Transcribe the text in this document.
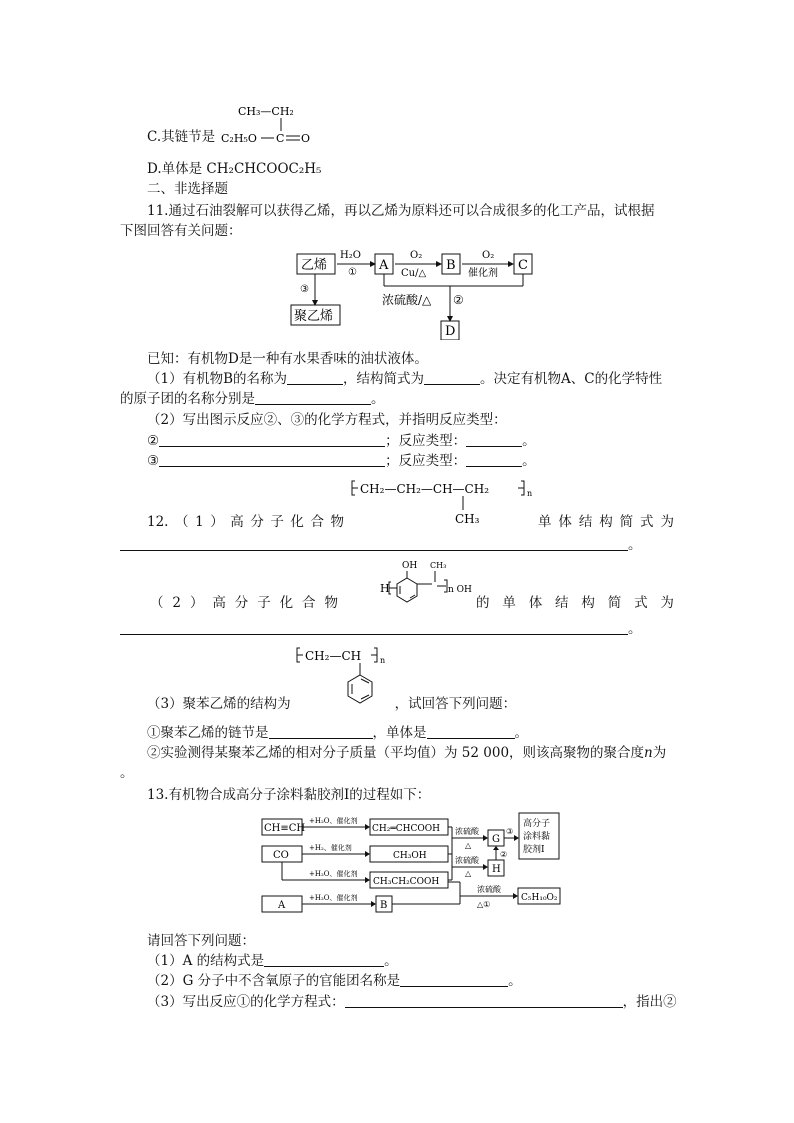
C.其链节是
CH₃—CH₂
C₂H₅O C O
D.单体是 CH₂CHCOOC₂H₅
二、非选择题
11.通过石油裂解可以获得乙烯，再以乙烯为原料还可以合成很多的化工产品，试根据
下图回答有关问题：
乙烯
H₂O
① A
O₂
Cu/△
B
O₂
催化剂
C
浓硫酸/△ ②
D
③
聚乙烯
已知：有机物D是一种有水果香味的油状液体。
（1）有机物B的名称为	，结构简式为	。决定有机物A、C的化学特性
的原子团的名称分别是	。
（2）写出图示反应②、③的化学方程式，并指明反应类型：
②	；反应类型：	。
③	；反应类型：	。
CH₂—CH₂—CH—CH₂	n
CH₃
12. （ 1 ） 高 分 子 化 合 物	单 体 结 构 简 式 为
。
OH CH₃
H	n OH
（ 2 ） 高 分 子 化 合 物	的 单 体 结 构 简 式 为
。
CH₂—CH n
（3）聚苯乙烯的结构为	，试回答下列问题：
①聚苯乙烯的链节是	，单体是	。
②实验测得某聚苯乙烯的相对分子质量（平均值）为 52 000，则该高聚物的聚合度n为
。
13.有机物合成高分子涂料黏胶剂Ⅰ的过程如下：
CH≡CH
CO
A
+H₂O、催化剂
+H₂、催化剂
+H₂O、催化剂
+H₂O、催化剂
CH₂═CHCOOH
CH₃OH
CH₃CH₂COOH
B
浓硫酸
△
G
③
高分子
涂料黏
胶剂Ⅰ
浓硫酸
△ H
②
浓硫酸
△①
C₅H₁₀O₂
请回答下列问题：
（1）A 的结构式是	。
（2）G 分子中不含氧原子的官能团名称是	。
（3）写出反应①的化学方程式：	，指出②
